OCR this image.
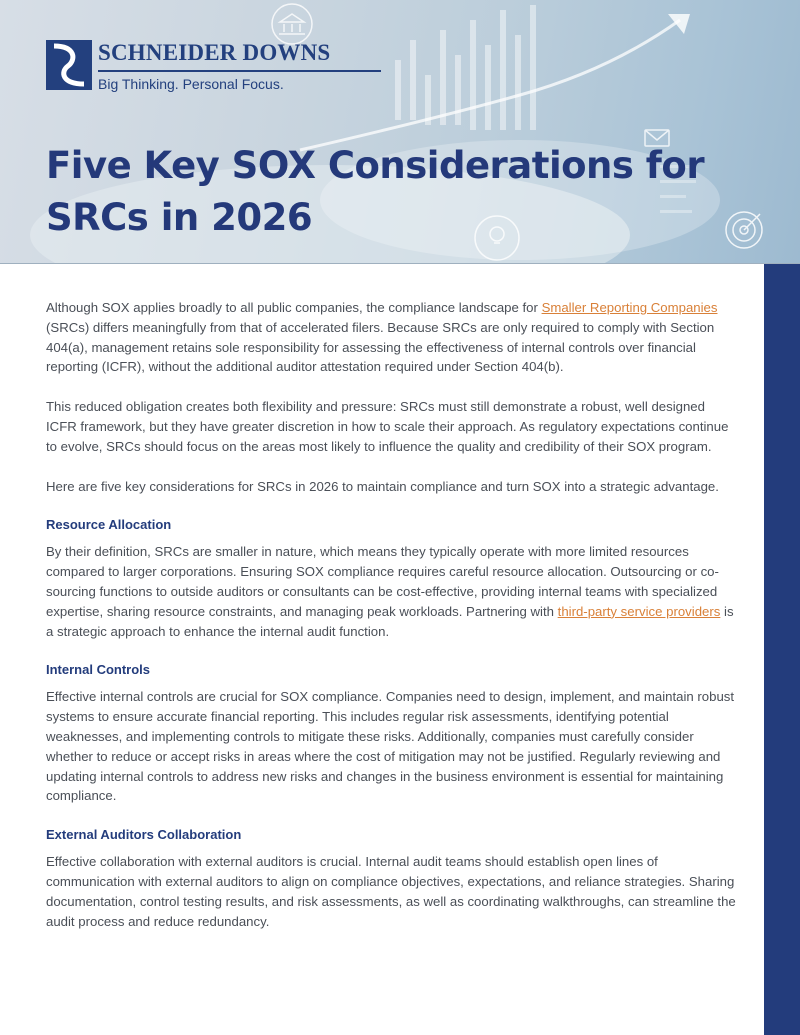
SCHNEIDER DOWNS
Big Thinking. Personal Focus.
Five Key SOX Considerations for SRCs in 2026

Although SOX applies broadly to all public companies, the compliance landscape for Smaller Reporting Companies (SRCs) differs meaningfully from that of accelerated filers. Because SRCs are only required to comply with Section 404(a), management retains sole responsibility for assessing the effectiveness of internal controls over financial reporting (ICFR), without the additional auditor attestation required under Section 404(b).

This reduced obligation creates both flexibility and pressure: SRCs must still demonstrate a robust, well designed ICFR framework, but they have greater discretion in how to scale their approach. As regulatory expectations continue to evolve, SRCs should focus on the areas most likely to influence the quality and credibility of their SOX program.

Here are five key considerations for SRCs in 2026 to maintain compliance and turn SOX into a strategic advantage.

Resource Allocation

By their definition, SRCs are smaller in nature, which means they typically operate with more limited resources compared to larger corporations. Ensuring SOX compliance requires careful resource allocation. Outsourcing or co-sourcing functions to outside auditors or consultants can be cost-effective, providing internal teams with specialized expertise, sharing resource constraints, and managing peak workloads. Partnering with third-party service providers is a strategic approach to enhance the internal audit function.

Internal Controls

Effective internal controls are crucial for SOX compliance. Companies need to design, implement, and maintain robust systems to ensure accurate financial reporting. This includes regular risk assessments, identifying potential weaknesses, and implementing controls to mitigate these risks. Additionally, companies must carefully consider whether to reduce or accept risks in areas where the cost of mitigation may not be justified. Regularly reviewing and updating internal controls to address new risks and changes in the business environment is essential for maintaining compliance.

External Auditors Collaboration

Effective collaboration with external auditors is crucial. Internal audit teams should establish open lines of communication with external auditors to align on compliance objectives, expectations, and reliance strategies. Sharing documentation, control testing results, and risk assessments, as well as coordinating walkthroughs, can streamline the audit process and reduce redundancy.
